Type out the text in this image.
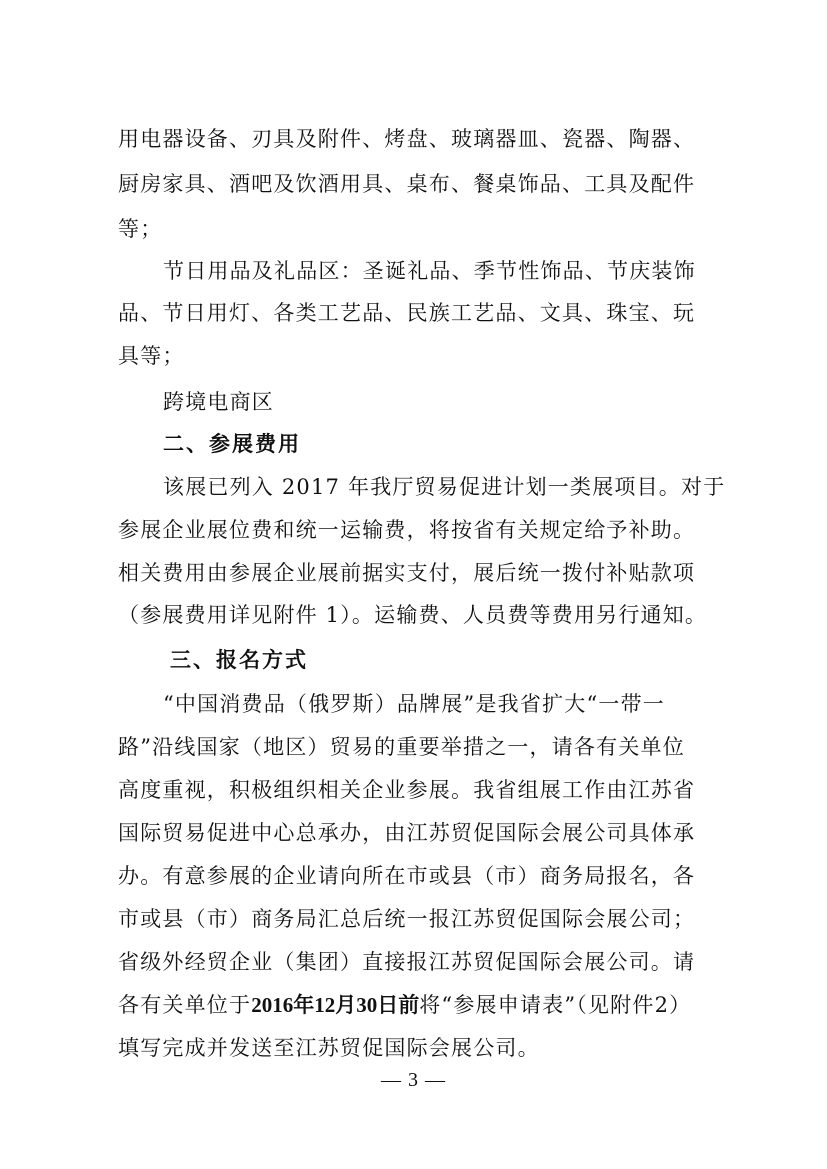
用电器设备、刃具及附件、烤盘、玻璃器皿、瓷器、陶器、
厨房家具、酒吧及饮酒用具、桌布、餐桌饰品、工具及配件
等；
节日用品及礼品区：圣诞礼品、季节性饰品、节庆装饰
品、节日用灯、各类工艺品、民族工艺品、文具、珠宝、玩
具等；
跨境电商区
二、参展费用
该展已列入 2017 年我厅贸易促进计划一类展项目。对于
参展企业展位费和统一运输费，将按省有关规定给予补助。
相关费用由参展企业展前据实支付，展后统一拨付补贴款项
（参展费用详见附件 1）。运输费、人员费等费用另行通知。
三、报名方式
“中国消费品（俄罗斯）品牌展”是我省扩大“一带一
路”沿线国家（地区）贸易的重要举措之一，请各有关单位
高度重视，积极组织相关企业参展。我省组展工作由江苏省
国际贸易促进中心总承办，由江苏贸促国际会展公司具体承
办。有意参展的企业请向所在市或县（市）商务局报名，各
市或县（市）商务局汇总后统一报江苏贸促国际会展公司；
省级外经贸企业（集团）直接报江苏贸促国际会展公司。请
各有关单位于2016年12月30日前将“参展申请表”（见附件2）
填写完成并发送至江苏贸促国际会展公司。
— 3 —
